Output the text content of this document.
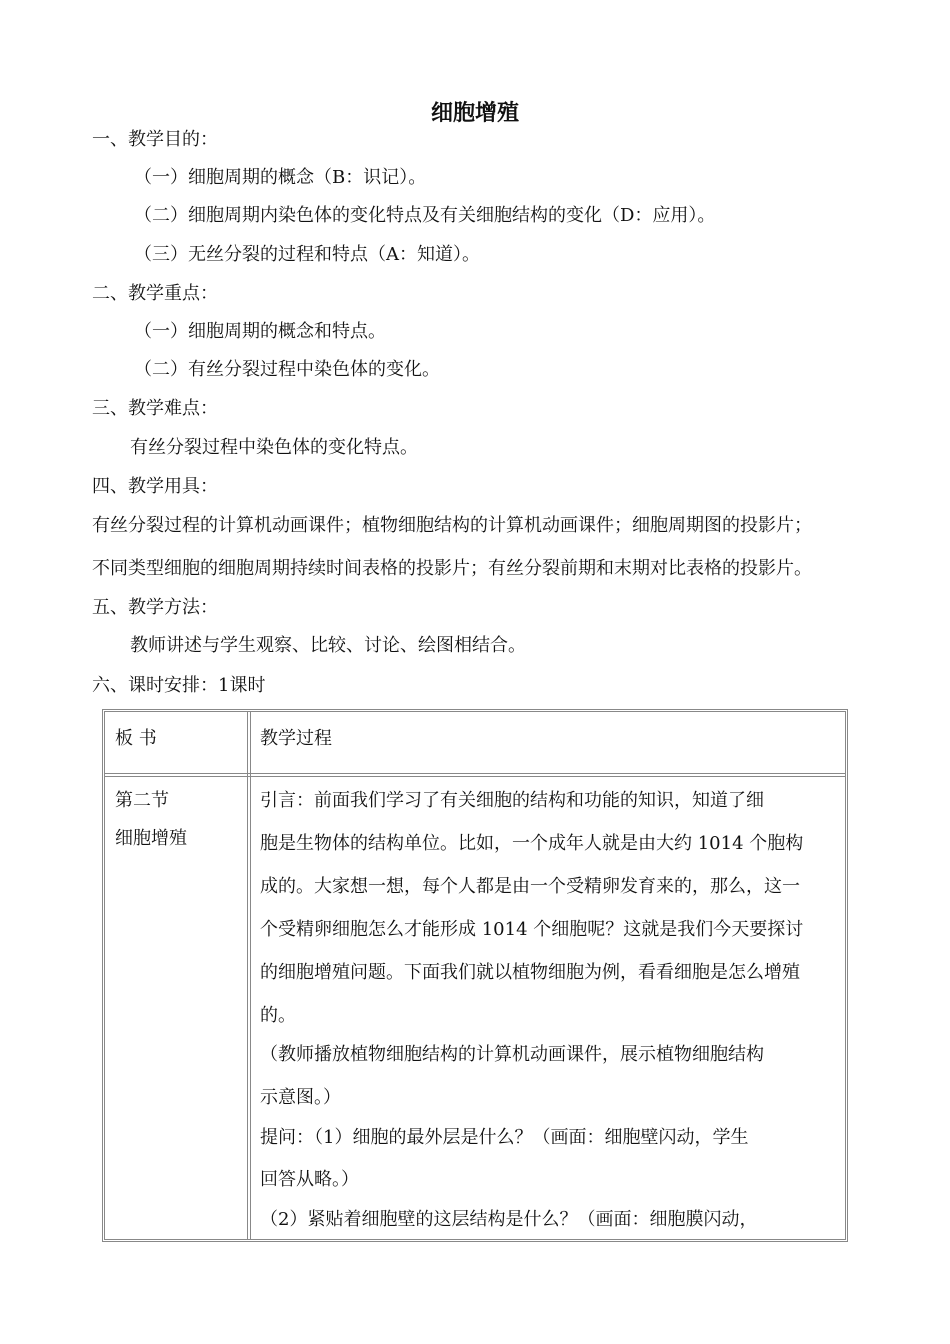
细胞增殖
一、教学目的：
（一）细胞周期的概念（B：识记）。
（二）细胞周期内染色体的变化特点及有关细胞结构的变化（D：应用）。
（三）无丝分裂的过程和特点（A：知道）。
二、教学重点：
（一）细胞周期的概念和特点。
（二）有丝分裂过程中染色体的变化。
三、教学难点：
有丝分裂过程中染色体的变化特点。
四、教学用具：
有丝分裂过程的计算机动画课件；植物细胞结构的计算机动画课件；细胞周期图的投影片；
不同类型细胞的细胞周期持续时间表格的投影片；有丝分裂前期和末期对比表格的投影片。
五、教学方法：
教师讲述与学生观察、比较、讨论、绘图相结合。
六、课时安排：1课时
板 书	教学过程
第二节
细胞增殖
引言：前面我们学习了有关细胞的结构和功能的知识，知道了细
胞是生物体的结构单位。比如，一个成年人就是由大约 1014 个胞构
成的。大家想一想，每个人都是由一个受精卵发育来的，那么，这一
个受精卵细胞怎么才能形成 1014 个细胞呢？这就是我们今天要探讨
的细胞增殖问题。下面我们就以植物细胞为例，看看细胞是怎么增殖
的。
（教师播放植物细胞结构的计算机动画课件，展示植物细胞结构
示意图。）
提问：（1）细胞的最外层是什么？（画面：细胞壁闪动，学生
回答从略。）
（2）紧贴着细胞壁的这层结构是什么？（画面：细胞膜闪动，
